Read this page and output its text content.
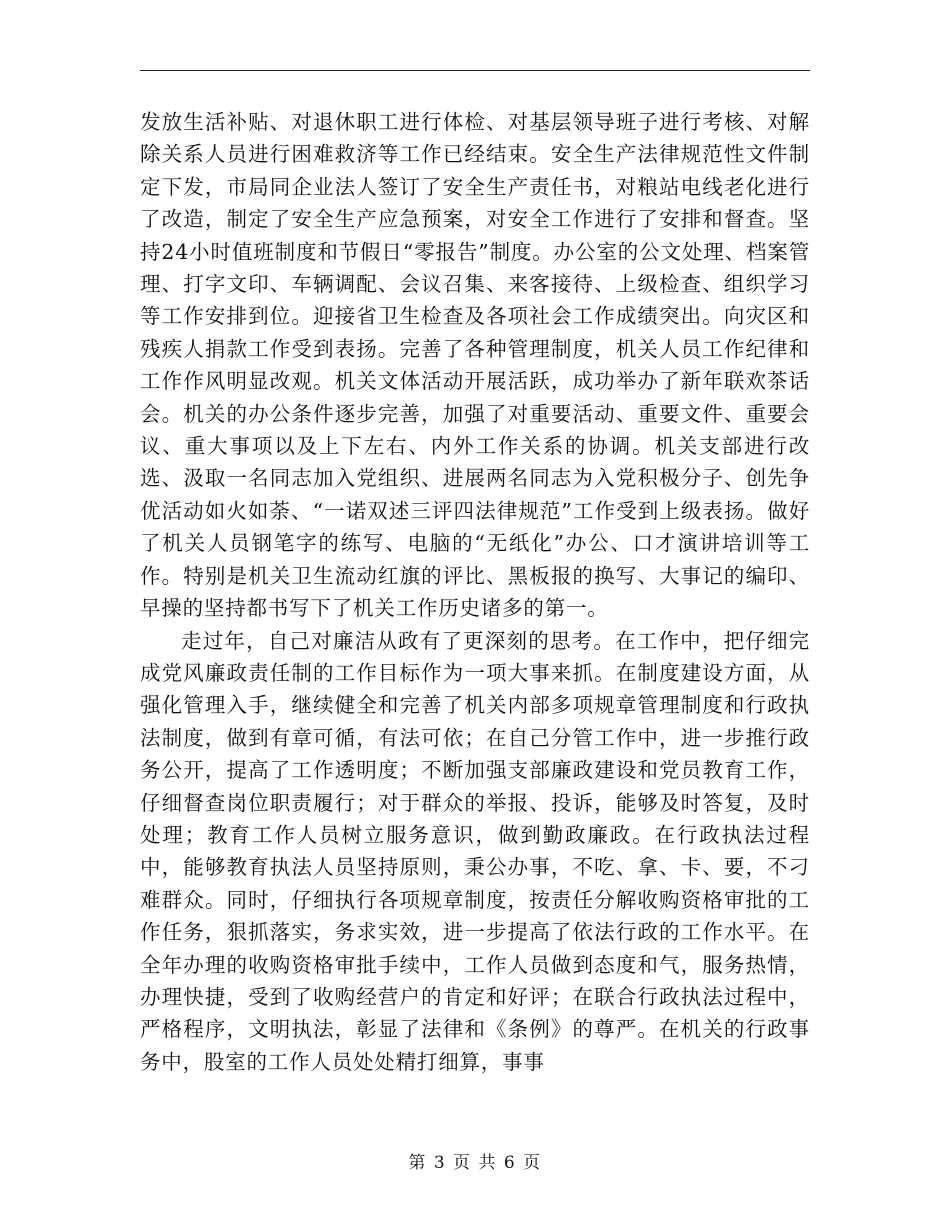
发放生活补贴、对退休职工进行体检、对基层领导班子进行考核、对解除关系人员进行困难救济等工作已经结束。安全生产法律规范性文件制定下发，市局同企业法人签订了安全生产责任书，对粮站电线老化进行了改造，制定了安全生产应急预案，对安全工作进行了安排和督查。坚持24小时值班制度和节假日“零报告”制度。办公室的公文处理、档案管理、打字文印、车辆调配、会议召集、来客接待、上级检查、组织学习等工作安排到位。迎接省卫生检查及各项社会工作成绩突出。向灾区和残疾人捐款工作受到表扬。完善了各种管理制度，机关人员工作纪律和工作作风明显改观。机关文体活动开展活跃，成功举办了新年联欢茶话会。机关的办公条件逐步完善，加强了对重要活动、重要文件、重要会议、重大事项以及上下左右、内外工作关系的协调。机关支部进行改选、汲取一名同志加入党组织、进展两名同志为入党积极分子、创先争优活动如火如荼、“一诺双述三评四法律规范”工作受到上级表扬。做好了机关人员钢笔字的练写、电脑的“无纸化”办公、口才演讲培训等工作。特别是机关卫生流动红旗的评比、黑板报的换写、大事记的编印、早操的坚持都书写下了机关工作历史诸多的第一。

走过年，自己对廉洁从政有了更深刻的思考。在工作中，把仔细完成党风廉政责任制的工作目标作为一项大事来抓。在制度建设方面，从强化管理入手，继续健全和完善了机关内部多项规章管理制度和行政执法制度，做到有章可循，有法可依；在自己分管工作中，进一步推行政务公开，提高了工作透明度；不断加强支部廉政建设和党员教育工作，仔细督查岗位职责履行；对于群众的举报、投诉，能够及时答复，及时处理；教育工作人员树立服务意识，做到勤政廉政。在行政执法过程中，能够教育执法人员坚持原则，秉公办事，不吃、拿、卡、要，不刁难群众。同时，仔细执行各项规章制度，按责任分解收购资格审批的工作任务，狠抓落实，务求实效，进一步提高了依法行政的工作水平。在全年办理的收购资格审批手续中，工作人员做到态度和气，服务热情，办理快捷，受到了收购经营户的肯定和好评；在联合行政执法过程中，严格程序，文明执法，彰显了法律和《条例》的尊严。在机关的行政事务中，股室的工作人员处处精打细算，事事

第 3 页 共 6 页
